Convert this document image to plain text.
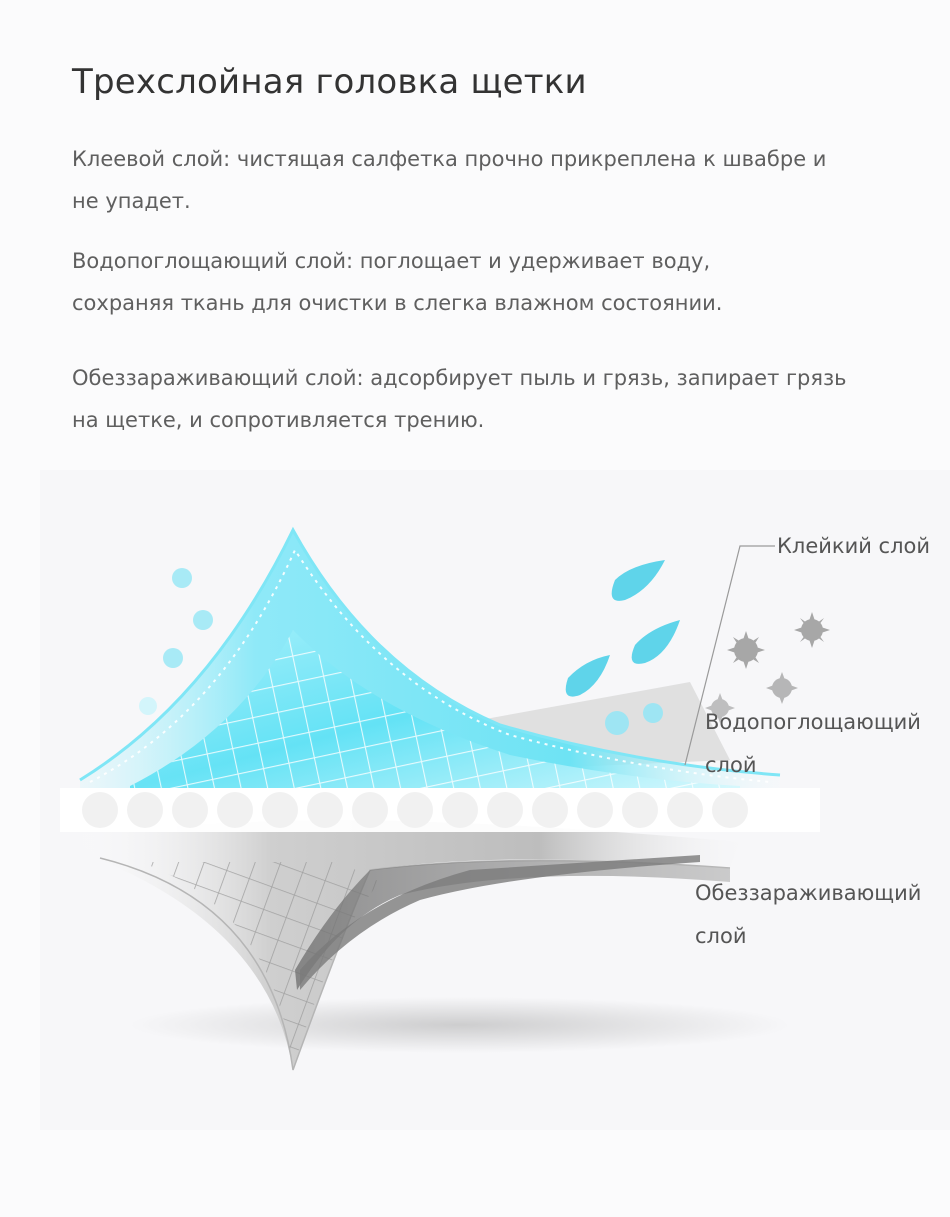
Трехслойная головка щетки

Клеевой слой: чистящая салфетка прочно прикреплена к швабре и
не упадет.

Водопоглощающий слой: поглощает и удерживает воду,
сохраняя ткань для очистки в слегка влажном состоянии.

Обеззараживающий слой: адсорбирует пыль и грязь, запирает грязь
на щетке, и сопротивляется трению.

Клейкий слой
Водопоглощающий
слой
Обеззараживающий
слой
